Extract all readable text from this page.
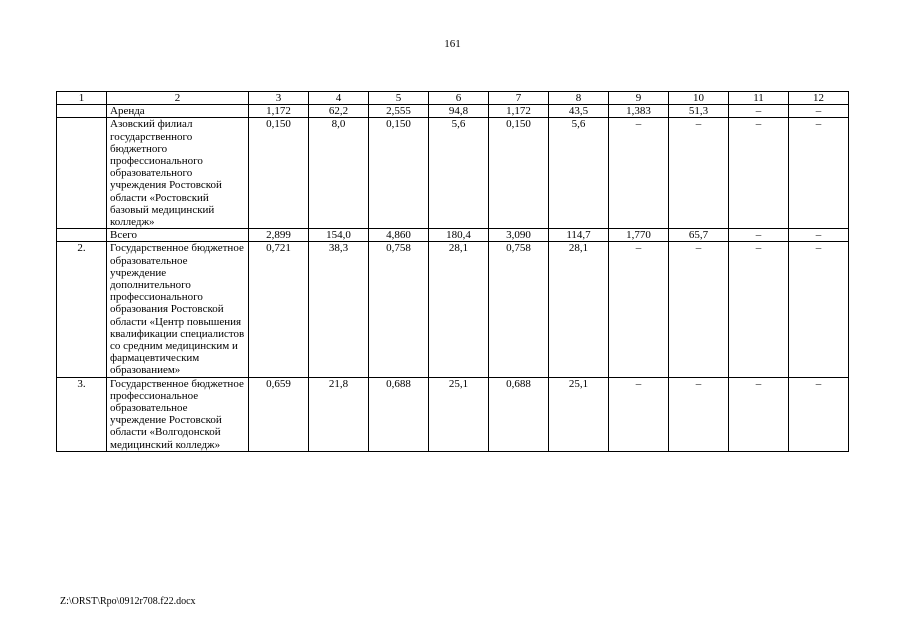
161
1	2	3	4	5	6	7	8	9	10	11	12
	Аренда	1,172	62,2	2,555	94,8	1,172	43,5	1,383	51,3	–	–
	Азовский филиал государственного бюджетного профессионального образовательного учреждения Ростовской области «Ростовский базовый медицинский колледж»	0,150	8,0	0,150	5,6	0,150	5,6	–	–	–	–
	Всего	2,899	154,0	4,860	180,4	3,090	114,7	1,770	65,7	–	–
2.	Государственное бюджетное образовательное учреждение дополнительного профессионального образования Ростовской области «Центр повышения квалификации специалистов со средним медицинским и фармацевтическим образованием»	0,721	38,3	0,758	28,1	0,758	28,1	–	–	–	–
3.	Государственное бюджетное профессиональное образовательное учреждение Ростовской области «Волгодонской медицинский колледж»	0,659	21,8	0,688	25,1	0,688	25,1	–	–	–	–
Z:\ORST\Rpo\0912r708.f22.docx
